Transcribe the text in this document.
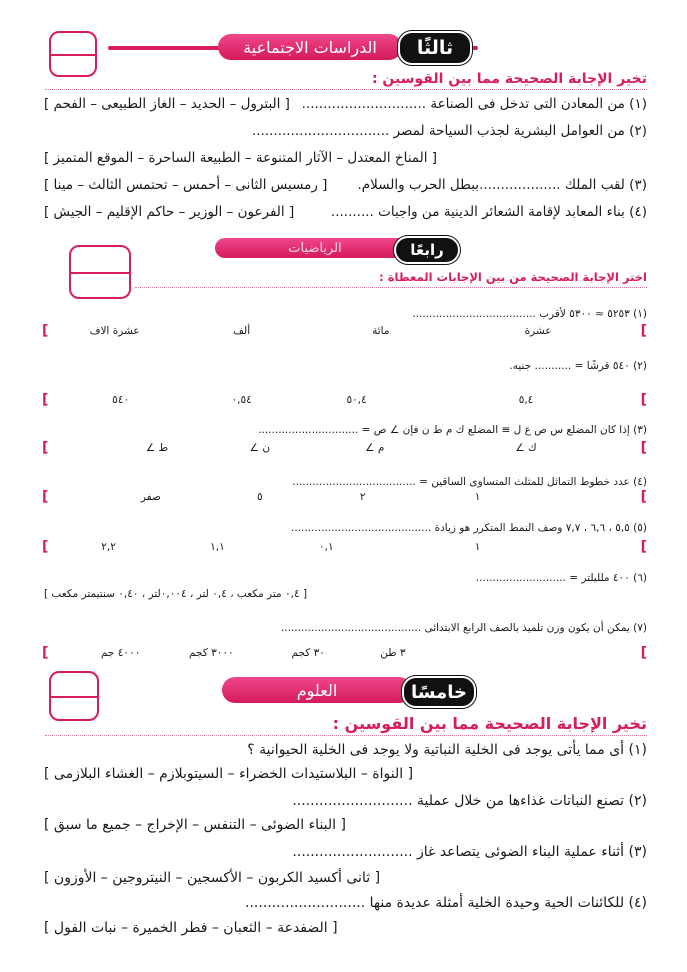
الدراسات الاجتماعية	ثالثًا
تخير الإجابة الصحيحة مما بين القوسين :
(١) من المعادن التى تدخل فى الصناعة .............................
[ البترول – الحديد – الغاز الطبيعى – الفحم ]
(٢) من العوامل البشرية لجذب السياحة لمصر ................................
[ المناخ المعتدل – الآثار المتنوعة – الطبيعة الساحرة – الموقع المتميز ]
(٣) لقب الملك ...................ببطل الحرب والسلام.
[ رمسيس الثانى – أحمس – تحتمس الثالث – مينا ]
(٤) بناء المعابد لإقامة الشعائر الدينية من واجبات ..........
[ الفرعون – الوزير – حاكم الإقليم – الجيش ]
الرياضيات	رابعًا
اختر الإجابة الصحيحة من بين الإجابات المعطاة :
(١) ٥٢٥٣ ≈ ٥٣٠٠ لأقرب .....................................
[
عشرة
مائة
ألف
عشرة الاف
[
(٢) ٥٤٠ قرشًا = ........... جنيه.
[
٥,٤
٥٠,٤
٠,٥٤
٥٤٠
[
(٣) إذا كان المضلع س ص ع ل ≡ المضلع ك م ط ن فإن ∠ ص = ..............................
[
∠ ك
∠ م
∠ ن
∠ ط
[
(٤) عدد خطوط التماثل للمثلث المتساوى الساقين = .....................................
[
١
٢
٥
صفر
[
(٥) ٥,٥ ، ٦,٦ ، ٧,٧ وصف النمط المتكرر هو زيادة ..........................................
[
١
٠,١
١,١
٢,٢
[
(٦) ٤٠٠ ملليلتر = ...........................
[ ٠,٤ متر مكعب ، ٠,٤ لتر ، ٠,٠٠٤لتر ، ٠,٤٠ سنتيمتر مكعب ]
(٧) يمكن أن يكون وزن تلميذ بالصف الرابع الابتدائى ..........................................
[
٣ طن
٣٠ كجم
٣٠٠٠ كجم
٤٠٠٠ جم
[
العلوم	خامسًا
تخير الإجابة الصحيحة مما بين القوسين :
(١) أى مما يأتى يوجد فى الخلية النباتية ولا يوجد فى الخلية الحيوانية ؟
[ النواة – البلاستيدات الخضراء – السيتوبلازم – الغشاء البلازمى ]
(٢) تصنع النباتات غذاءها من خلال عملية ...........................
[ البناء الضوئى – التنفس – الإخراج – جميع ما سبق ]
(٣) أثناء عملية البناء الضوئى يتصاعد غاز ...........................
[ ثانى أكسيد الكربون – الأكسجين – النيتروجين – الأوزون ]
(٤) للكائنات الحية وحيدة الخلية أمثلة عديدة منها ...........................
[ الضفدعة – الثعبان – فطر الخميرة – نبات الفول ]
